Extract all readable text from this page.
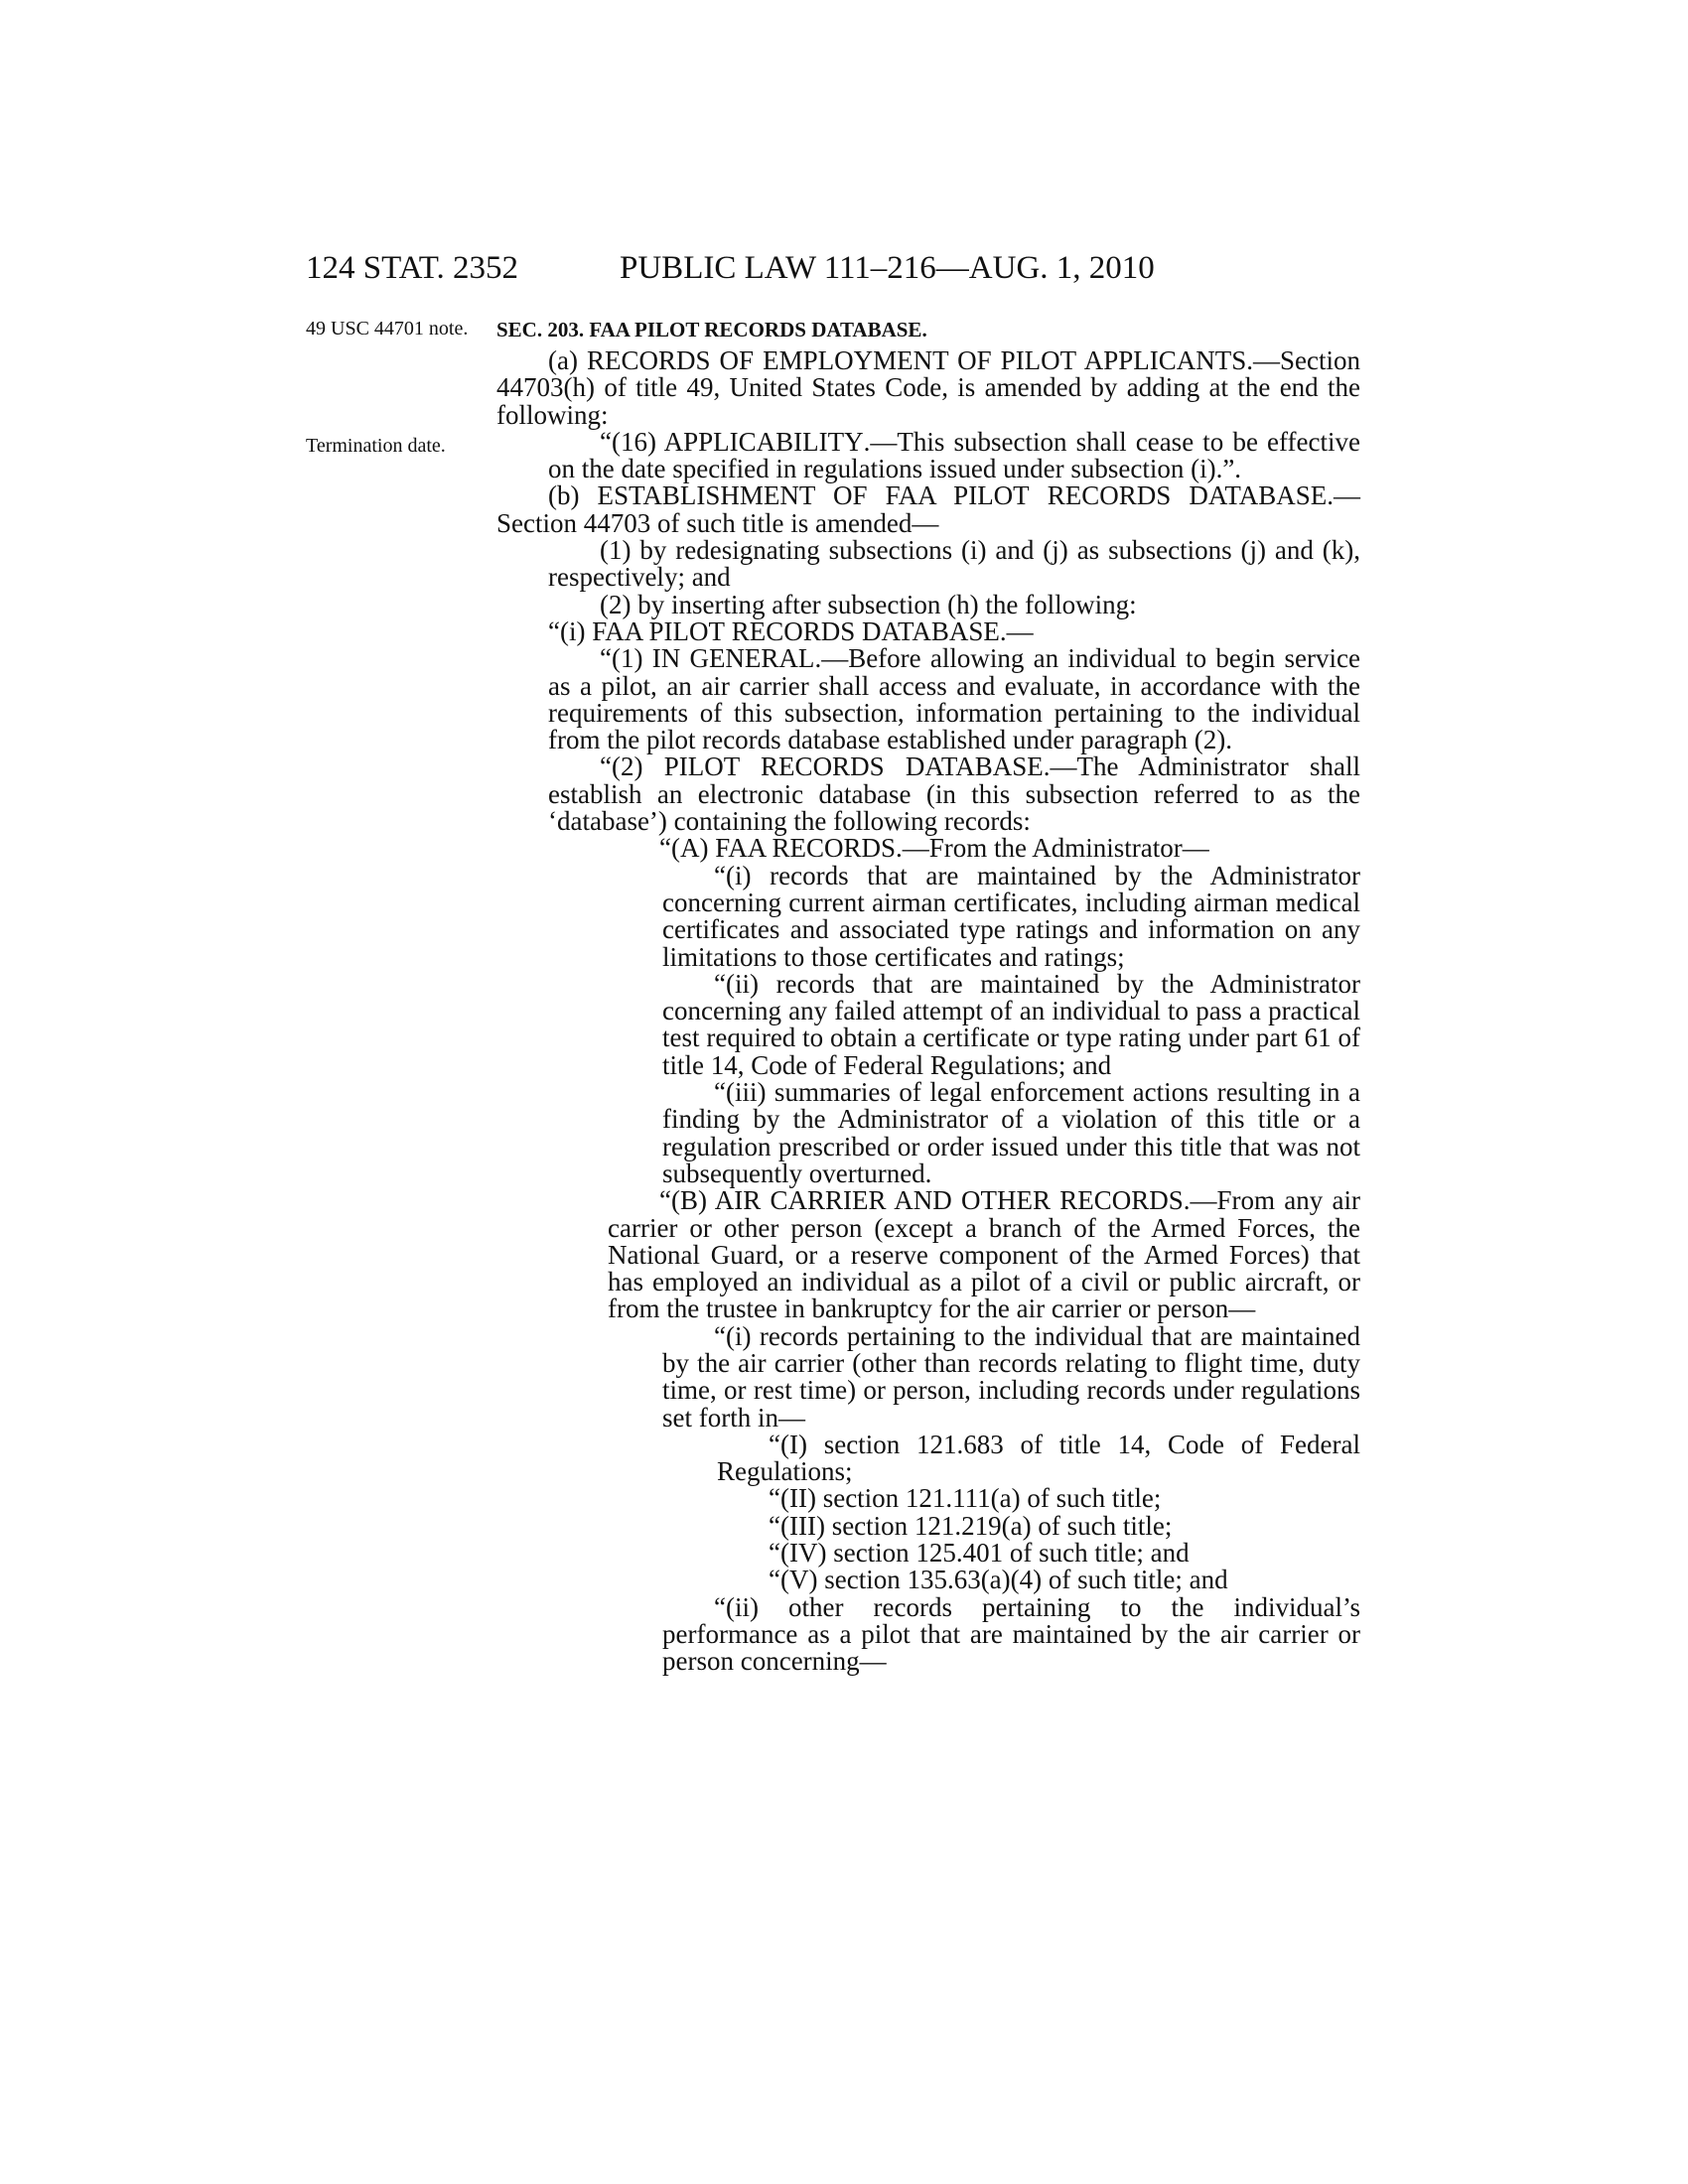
124 STAT. 2352	PUBLIC LAW 111–216—AUG. 1, 2010
49 USC 44701 note.
Termination date.
SEC. 203. FAA PILOT RECORDS DATABASE.

(a) RECORDS OF EMPLOYMENT OF PILOT APPLICANTS.—Section 44703(h) of title 49, United States Code, is amended by adding at the end the following:

“(16) APPLICABILITY.—This subsection shall cease to be effective on the date specified in regulations issued under subsection (i).”.

(b) ESTABLISHMENT OF FAA PILOT RECORDS DATABASE.—Section 44703 of such title is amended—

(1) by redesignating subsections (i) and (j) as subsections (j) and (k), respectively; and

(2) by inserting after subsection (h) the following:

“(i) FAA PILOT RECORDS DATABASE.—

“(1) IN GENERAL.—Before allowing an individual to begin service as a pilot, an air carrier shall access and evaluate, in accordance with the requirements of this subsection, information pertaining to the individual from the pilot records database established under paragraph (2).

“(2) PILOT RECORDS DATABASE.—The Administrator shall establish an electronic database (in this subsection referred to as the ‘database’) containing the following records:

“(A) FAA RECORDS.—From the Administrator—

“(i) records that are maintained by the Administrator concerning current airman certificates, including airman medical certificates and associated type ratings and information on any limitations to those certificates and ratings;

“(ii) records that are maintained by the Administrator concerning any failed attempt of an individual to pass a practical test required to obtain a certificate or type rating under part 61 of title 14, Code of Federal Regulations; and

“(iii) summaries of legal enforcement actions resulting in a finding by the Administrator of a violation of this title or a regulation prescribed or order issued under this title that was not subsequently overturned.

“(B) AIR CARRIER AND OTHER RECORDS.—From any air carrier or other person (except a branch of the Armed Forces, the National Guard, or a reserve component of the Armed Forces) that has employed an individual as a pilot of a civil or public aircraft, or from the trustee in bankruptcy for the air carrier or person—

“(i) records pertaining to the individual that are maintained by the air carrier (other than records relating to flight time, duty time, or rest time) or person, including records under regulations set forth in—

“(I) section 121.683 of title 14, Code of Federal Regulations;

“(II) section 121.111(a) of such title;

“(III) section 121.219(a) of such title;

“(IV) section 125.401 of such title; and

“(V) section 135.63(a)(4) of such title; and

“(ii) other records pertaining to the individual’s performance as a pilot that are maintained by the air carrier or person concerning—
